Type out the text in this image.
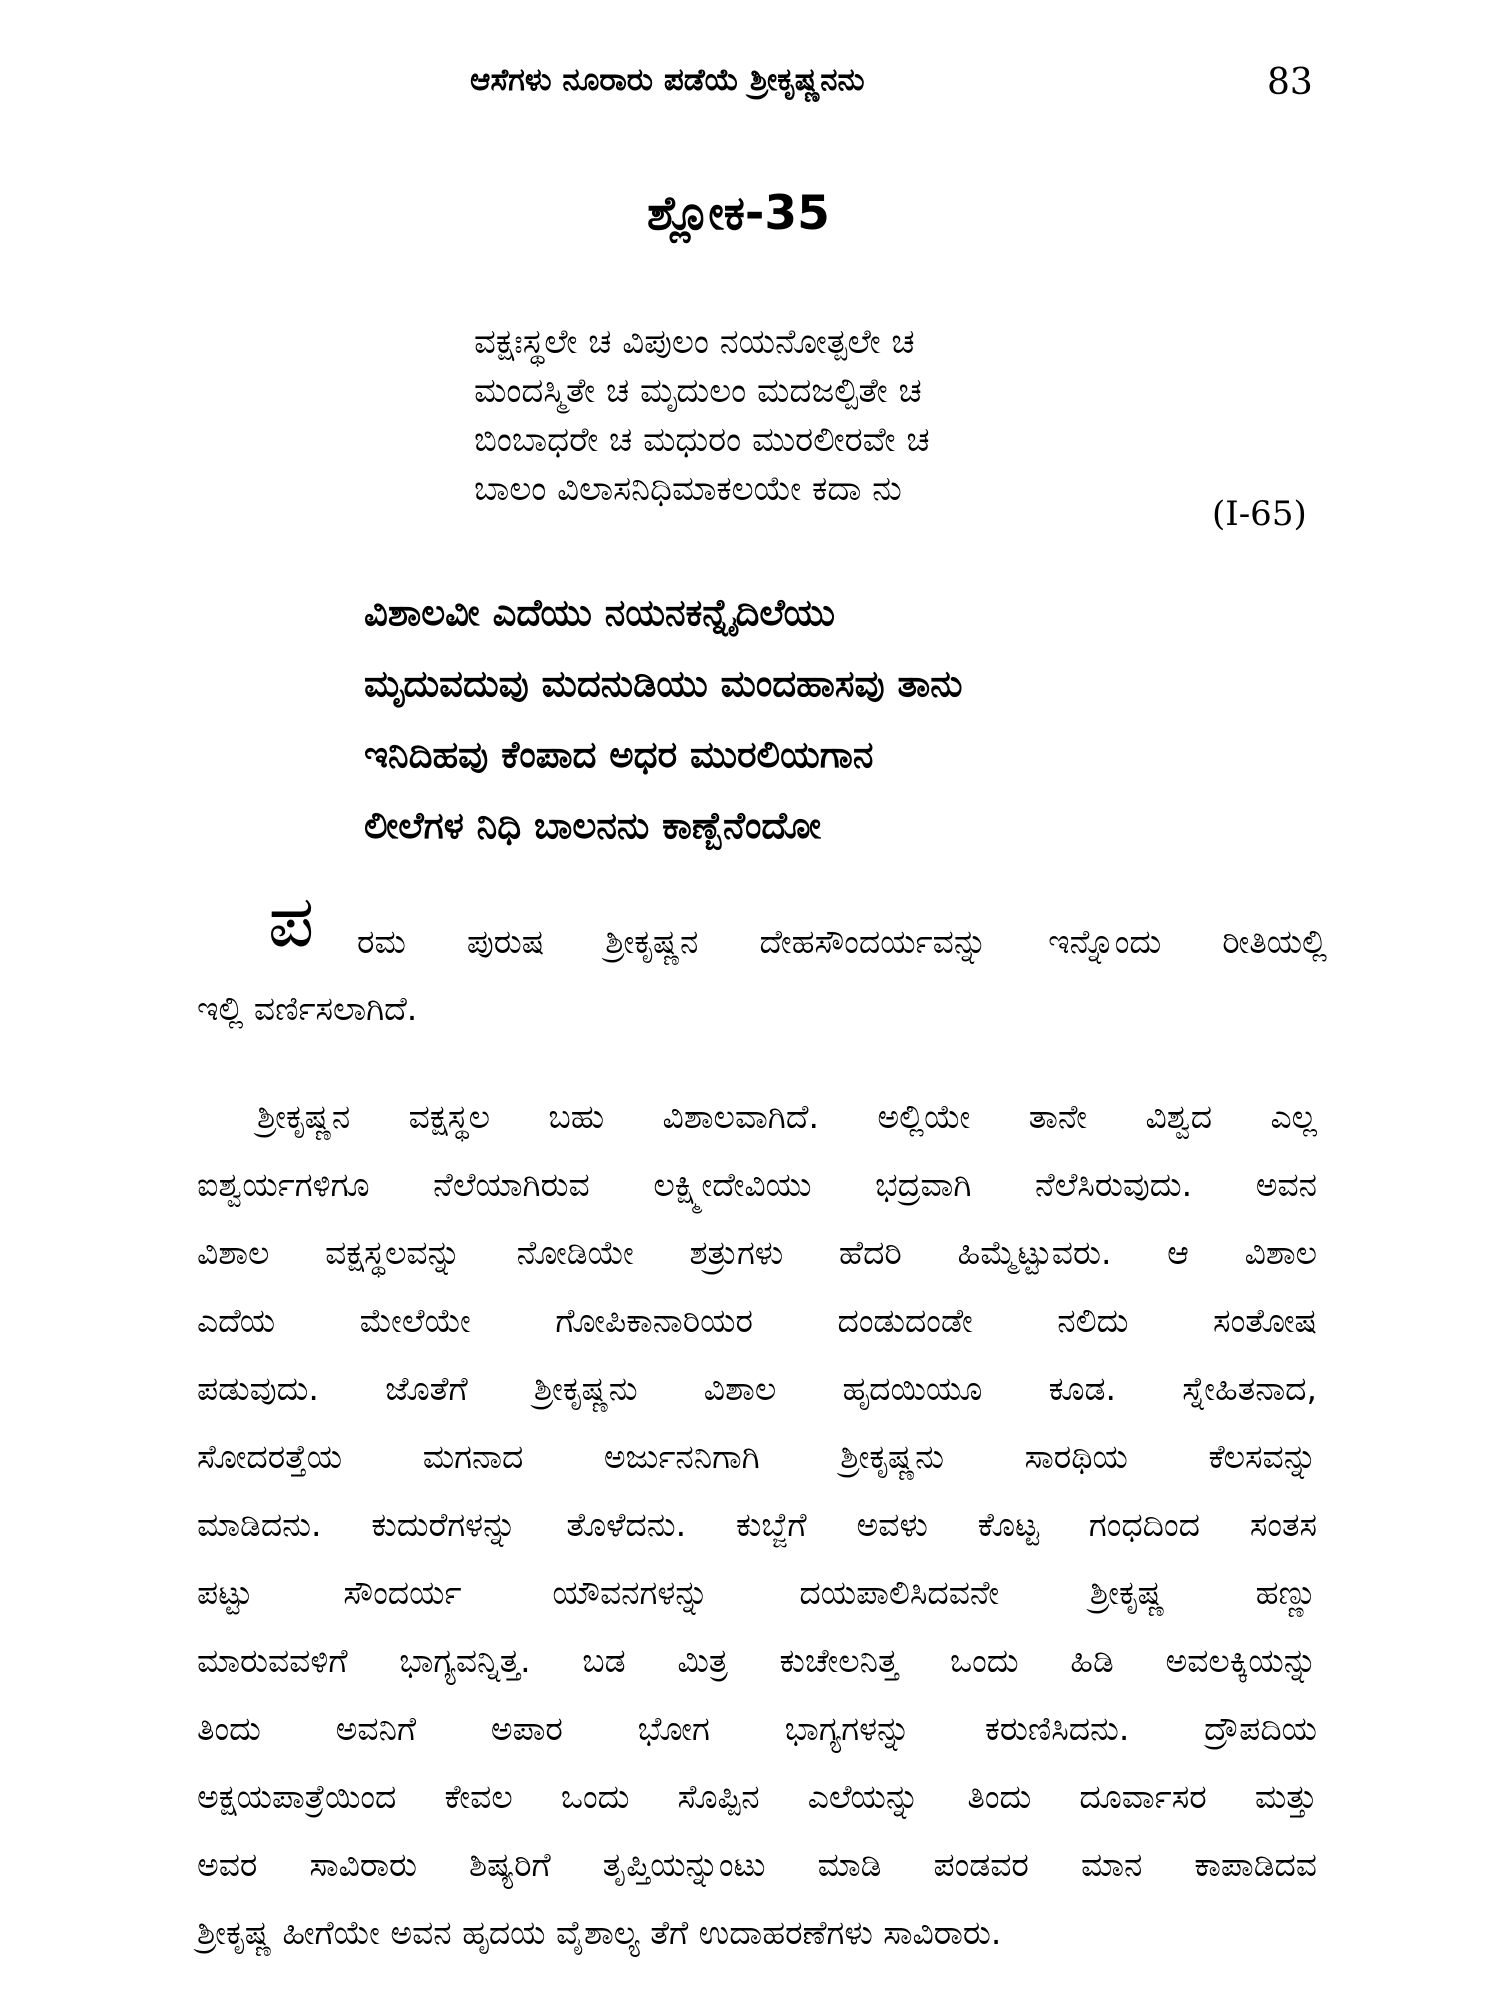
ಆಸೆಗಳು ನೂರಾರು ಪಡೆಯೆ ಶ್ರೀಕೃಷ್ಣನನು	83
ಶ್ಲೋಕ-35
ವಕ್ಷಃಸ್ಥಲೇ ಚ ವಿಪುಲಂ ನಯನೋತ್ಪಲೇ ಚ
ಮಂದಸ್ಮಿತೇ ಚ ಮೃದುಲಂ ಮದಜಲ್ಪಿತೇ ಚ
ಬಿಂಬಾಧರೇ ಚ ಮಧುರಂ ಮುರಲೀರವೇ ಚ
ಬಾಲಂ ವಿಲಾಸನಿಧಿಮಾಕಲಯೇ ಕದಾ ನು
(I-65)
ವಿಶಾಲವೀ ಎದೆಯು ನಯನಕನ್ನೈದಿಲೆಯು
ಮೃದುವದುವು ಮದನುಡಿಯು ಮಂದಹಾಸವು ತಾನು
ಇನಿದಿಹವು ಕೆಂಪಾದ ಅಧರ ಮುರಲಿಯಗಾನ
ಲೀಲೆಗಳ ನಿಧಿ ಬಾಲನನು ಕಾಣ್ಬೆನೆಂದೋ
ಪ ರಮ ಪುರುಷ ಶ್ರೀಕೃಷ್ಣನ ದೇಹಸೌಂದರ್ಯವನ್ನು ಇನ್ನೊಂದು ರೀತಿಯಲ್ಲಿ
ಇಲ್ಲಿ ವರ್ಣಿಸಲಾಗಿದೆ.
ಶ್ರೀಕೃಷ್ಣನ ವಕ್ಷಸ್ಥಲ ಬಹು ವಿಶಾಲವಾಗಿದೆ. ಅಲ್ಲಿಯೇ ತಾನೇ ವಿಶ್ವದ ಎಲ್ಲ
ಐಶ್ವರ್ಯಗಳಿಗೂ ನೆಲೆಯಾಗಿರುವ ಲಕ್ಷ್ಮೀದೇವಿಯು ಭದ್ರವಾಗಿ ನೆಲೆಸಿರುವುದು. ಅವನ
ವಿಶಾಲ ವಕ್ಷಸ್ಥಲವನ್ನು ನೋಡಿಯೇ ಶತ್ರುಗಳು ಹೆದರಿ ಹಿಮ್ಮೆಟ್ಟುವರು. ಆ ವಿಶಾಲ
ಎದೆಯ ಮೇಲೆಯೇ ಗೋಪಿಕಾನಾರಿಯರ ದಂಡುದಂಡೇ ನಲಿದು ಸಂತೋಷ
ಪಡುವುದು. ಜೊತೆಗೆ ಶ್ರೀಕೃಷ್ಣನು ವಿಶಾಲ ಹೃದಯಿಯೂ ಕೂಡ. ಸ್ನೇಹಿತನಾದ,
ಸೋದರತ್ತೆಯ ಮಗನಾದ ಅರ್ಜುನನಿಗಾಗಿ ಶ್ರೀಕೃಷ್ಣನು ಸಾರಥಿಯ ಕೆಲಸವನ್ನು
ಮಾಡಿದನು. ಕುದುರೆಗಳನ್ನು ತೊಳೆದನು. ಕುಬ್ಜೆಗೆ ಅವಳು ಕೊಟ್ಟ ಗಂಧದಿಂದ ಸಂತಸ
ಪಟ್ಟು ಸೌಂದರ್ಯ ಯೌವನಗಳನ್ನು ದಯಪಾಲಿಸಿದವನೇ ಶ್ರೀಕೃಷ್ಣ ಹಣ್ಣು
ಮಾರುವವಳಿಗೆ ಭಾಗ್ಯವನ್ನಿತ್ತ. ಬಡ ಮಿತ್ರ ಕುಚೇಲನಿತ್ತ ಒಂದು ಹಿಡಿ ಅವಲಕ್ಕಿಯನ್ನು
ತಿಂದು ಅವನಿಗೆ ಅಪಾರ ಭೋಗ ಭಾಗ್ಯಗಳನ್ನು ಕರುಣಿಸಿದನು. ದ್ರೌಪದಿಯ
ಅಕ್ಷಯಪಾತ್ರೆಯಿಂದ ಕೇವಲ ಒಂದು ಸೊಪ್ಪಿನ ಎಲೆಯನ್ನು ತಿಂದು ದೂರ್ವಾಸರ ಮತ್ತು
ಅವರ ಸಾವಿರಾರು ಶಿಷ್ಯರಿಗೆ ತೃಪ್ತಿಯನ್ನುಂಟು ಮಾಡಿ ಪಂಡವರ ಮಾನ ಕಾಪಾಡಿದವ
ಶ್ರೀಕೃಷ್ಣ ಹೀಗೆಯೇ ಅವನ ಹೃದಯ ವೈಶಾಲ್ಯ ತೆಗೆ ಉದಾಹರಣೆಗಳು ಸಾವಿರಾರು.
